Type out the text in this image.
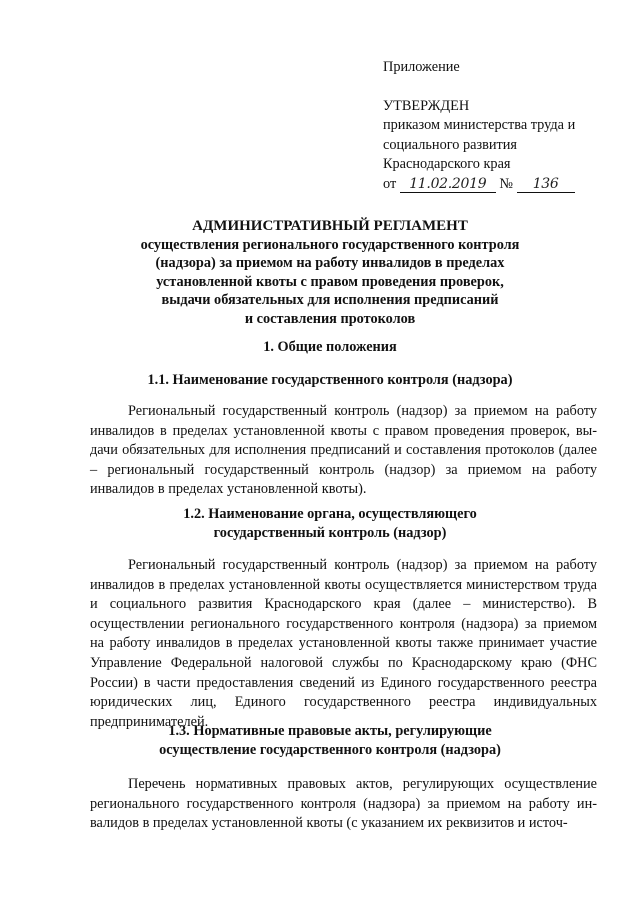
Приложение
УТВЕРЖДЕН
приказом министерства труда и
социального развития
Краснодарского края
от 11.02.2019 № 136
АДМИНИСТРАТИВНЫЙ РЕГЛАМЕНТ
осуществления регионального государственного контроля
(надзора) за приемом на работу инвалидов в пределах
установленной квоты с правом проведения проверок,
выдачи обязательных для исполнения предписаний
и составления протоколов
1. Общие положения
1.1. Наименование государственного контроля (надзора)
Региональный государственный контроль (надзор) за приемом на работу инвалидов в пределах установленной квоты с правом проведения проверок, выдачи обязательных для исполнения предписаний и составления протоколов (далее – региональный государственный контроль (надзор) за приемом на работу инвалидов в пределах установленной квоты).
1.2. Наименование органа, осуществляющего
государственный контроль (надзор)
Региональный государственный контроль (надзор) за приемом на работу инвалидов в пределах установленной квоты осуществляется министерством труда и социального развития Краснодарского края (далее – министерство). В осуществлении регионального государственного контроля (надзора) за приемом на работу инвалидов в пределах установленной квоты также принимает участие Управление Федеральной налоговой службы по Краснодарскому краю (ФНС России) в части предоставления сведений из Единого государственного реестра юридических лиц, Единого государственного реестра индивидуальных предпринимателей.
1.3. Нормативные правовые акты, регулирующие
осуществление государственного контроля (надзора)
Перечень нормативных правовых актов, регулирующих осуществление регионального государственного контроля (надзора) за приемом на работу инвалидов в пределах установленной квоты (с указанием их реквизитов и источ-
